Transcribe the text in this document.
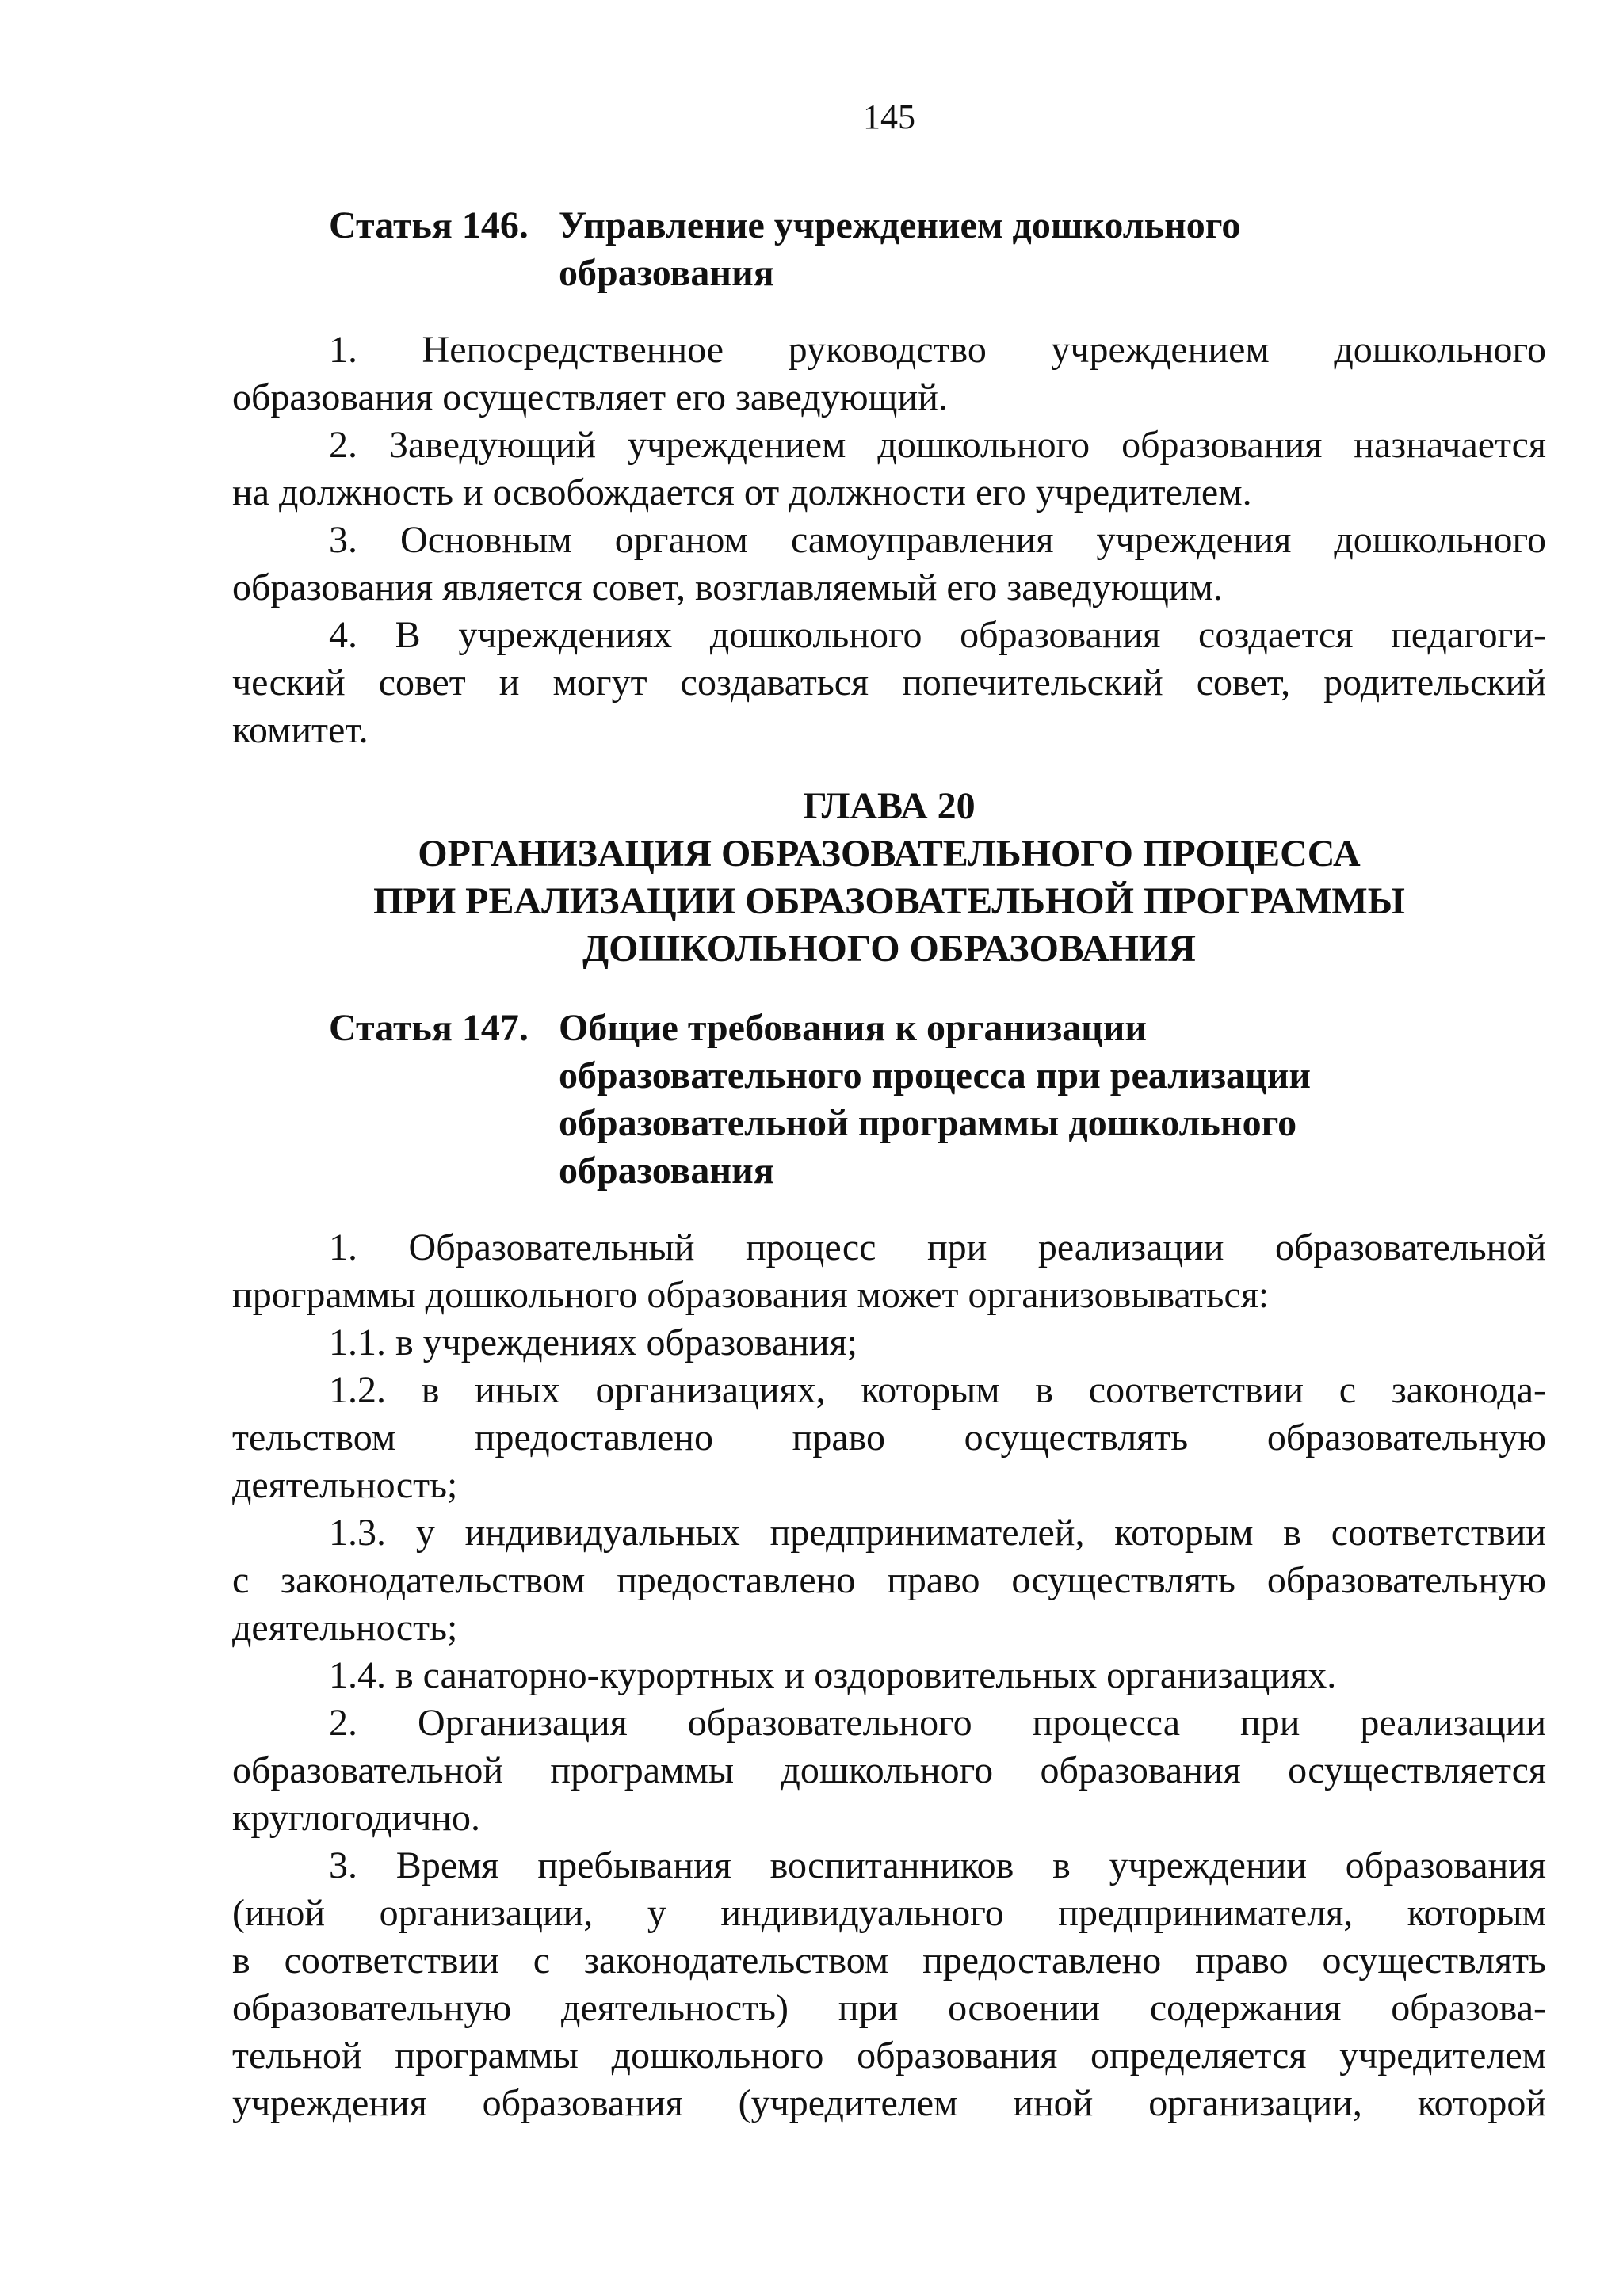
145
Статья 146. Управление учреждением дошкольного
образования
1. Непосредственное руководство учреждением дошкольного
образования осуществляет его заведующий.
2. Заведующий учреждением дошкольного образования назначается
на должность и освобождается от должности его учредителем.
3. Основным органом самоуправления учреждения дошкольного
образования является совет, возглавляемый его заведующим.
4. В учреждениях дошкольного образования создается педагоги-
ческий совет и могут создаваться попечительский совет, родительский
комитет.
ГЛАВА 20
ОРГАНИЗАЦИЯ ОБРАЗОВАТЕЛЬНОГО ПРОЦЕССА
ПРИ РЕАЛИЗАЦИИ ОБРАЗОВАТЕЛЬНОЙ ПРОГРАММЫ
ДОШКОЛЬНОГО ОБРАЗОВАНИЯ
Статья 147. Общие требования к организации
образовательного процесса при реализации
образовательной программы дошкольного
образования
1. Образовательный процесс при реализации образовательной
программы дошкольного образования может организовываться:
1.1. в учреждениях образования;
1.2. в иных организациях, которым в соответствии с законода-
тельством предоставлено право осуществлять образовательную
деятельность;
1.3. у индивидуальных предпринимателей, которым в соответствии
с законодательством предоставлено право осуществлять образовательную
деятельность;
1.4. в санаторно-курортных и оздоровительных организациях.
2. Организация образовательного процесса при реализации
образовательной программы дошкольного образования осуществляется
круглогодично.
3. Время пребывания воспитанников в учреждении образования
(иной организации, у индивидуального предпринимателя, которым
в соответствии с законодательством предоставлено право осуществлять
образовательную деятельность) при освоении содержания образова-
тельной программы дошкольного образования определяется учредителем
учреждения образования (учредителем иной организации, которой
